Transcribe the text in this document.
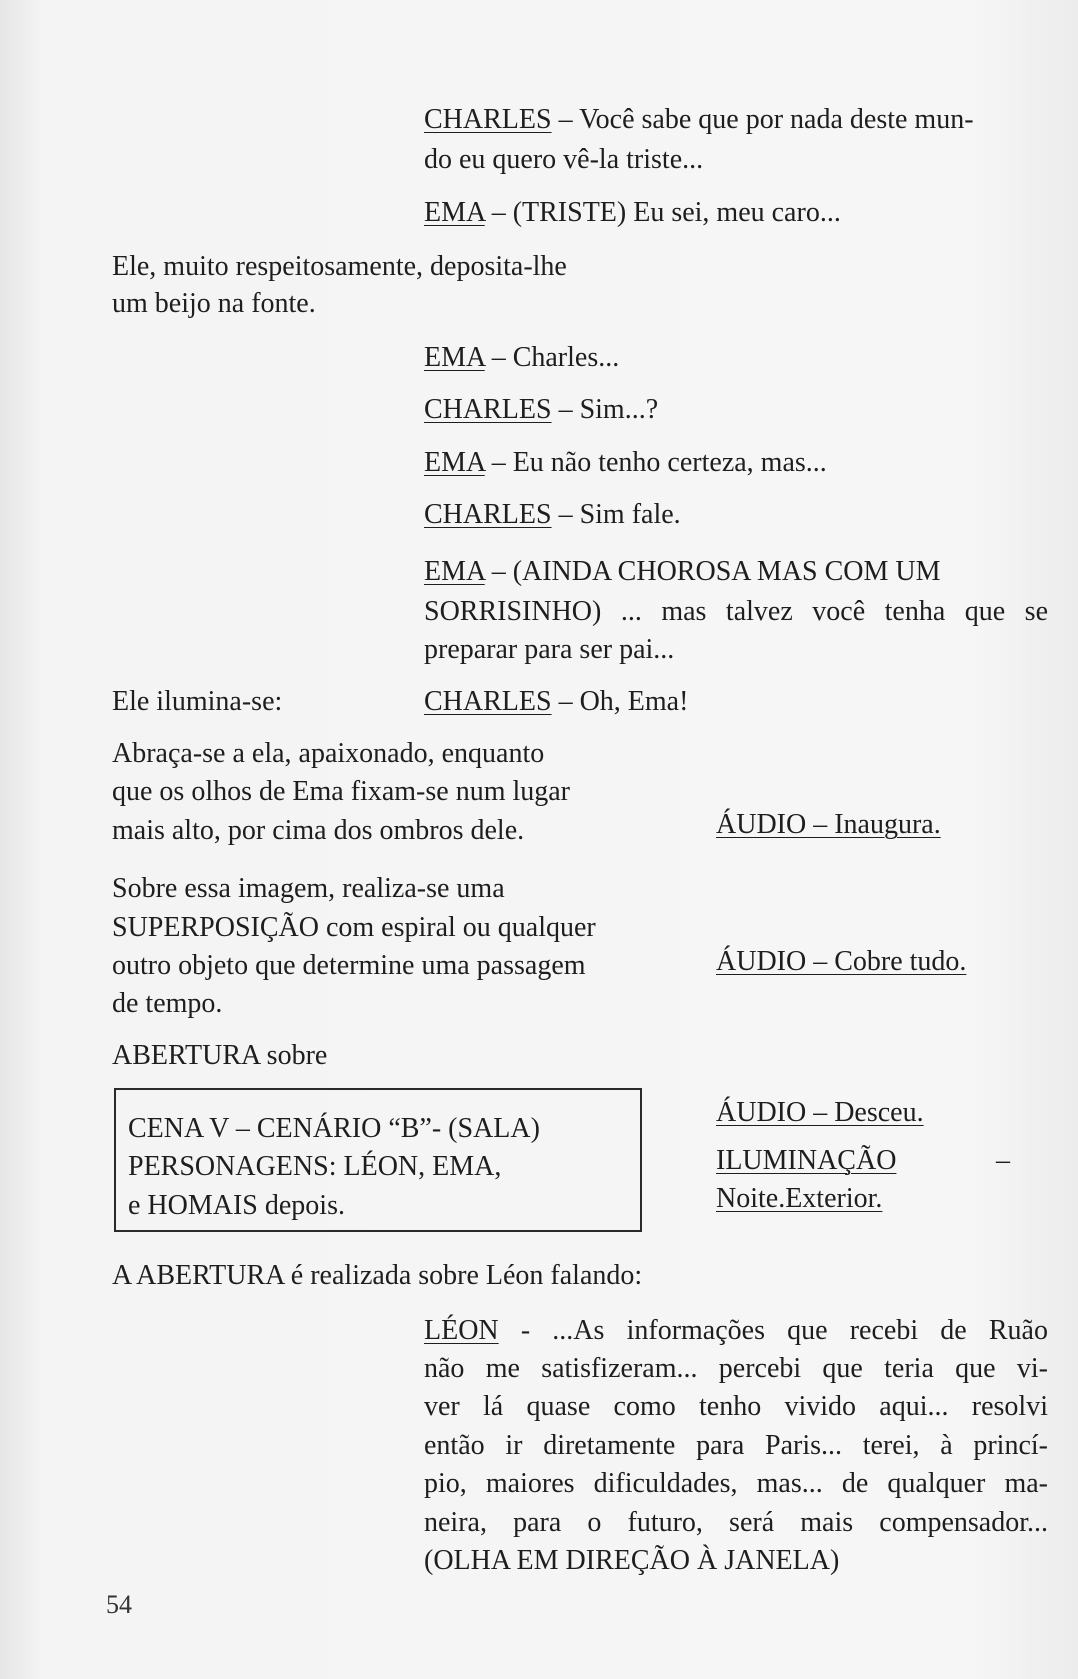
CHARLES – Você sabe que por nada deste mun-
do eu quero vê-la triste...
EMA – (TRISTE) Eu sei, meu caro...
Ele, muito respeitosamente, deposita-lhe
um beijo na fonte.
EMA – Charles...
CHARLES – Sim...?
EMA – Eu não tenho certeza, mas...
CHARLES – Sim fale.
EMA – (AINDA CHOROSA MAS COM UM
SORRISINHO) ... mas talvez você tenha que se
preparar para ser pai...
Ele ilumina-se:	CHARLES – Oh, Ema!
Abraça-se a ela, apaixonado, enquanto
que os olhos de Ema fixam-se num lugar
mais alto, por cima dos ombros dele.	ÁUDIO – Inaugura.
Sobre essa imagem, realiza-se uma
SUPERPOSIÇÃO com espiral ou qualquer
outro objeto que determine uma passagem
de tempo.
ÁUDIO – Cobre tudo.
ABERTURA sobre
CENA V – CENÁRIO “B”- (SALA)
PERSONAGENS: LÉON, EMA,
e HOMAIS depois.
ÁUDIO – Desceu.
ILUMINAÇÃO	–
Noite.Exterior.
A ABERTURA é realizada sobre Léon falando:
LÉON - ...As informações que recebi de Ruão
não me satisfizeram... percebi que teria que vi-
ver lá quase como tenho vivido aqui... resolvi
então ir diretamente para Paris... terei, à princí-
pio, maiores dificuldades, mas... de qualquer ma-
neira, para o futuro, será mais compensador...
(OLHA EM DIREÇÃO À JANELA)
54
